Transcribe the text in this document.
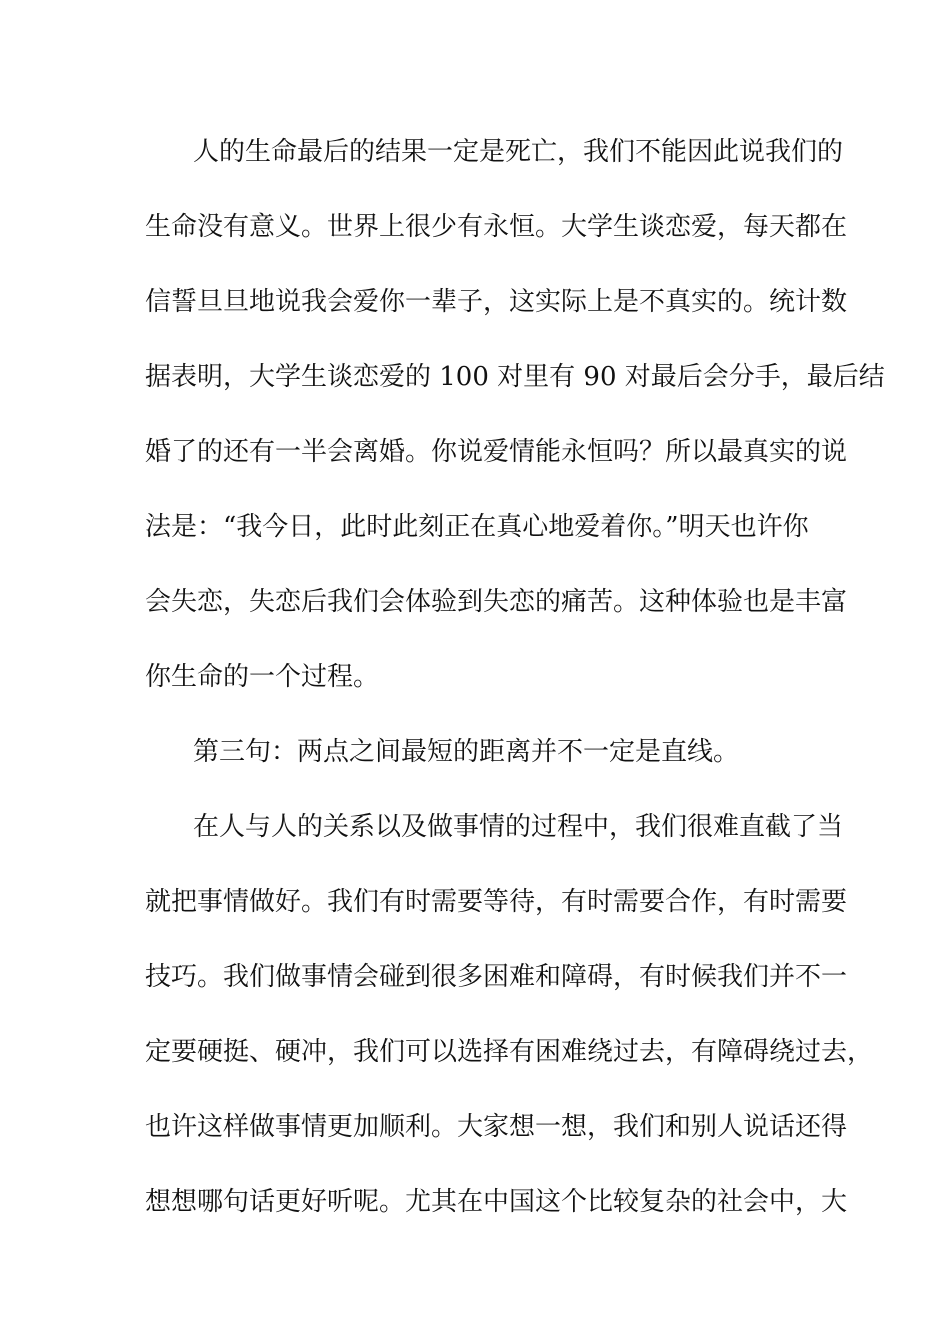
人的生命最后的结果一定是死亡，我们不能因此说我们的
生命没有意义。世界上很少有永恒。大学生谈恋爱，每天都在
信誓旦旦地说我会爱你一辈子，这实际上是不真实的。统计数
据表明，大学生谈恋爱的 100 对里有 90 对最后会分手，最后结
婚了的还有一半会离婚。你说爱情能永恒吗？所以最真实的说
法是：“我今日，此时此刻正在真心地爱着你。”明天也许你
会失恋，失恋后我们会体验到失恋的痛苦。这种体验也是丰富
你生命的一个过程。
第三句：两点之间最短的距离并不一定是直线。
在人与人的关系以及做事情的过程中，我们很难直截了当
就把事情做好。我们有时需要等待，有时需要合作，有时需要
技巧。我们做事情会碰到很多困难和障碍，有时候我们并不一
定要硬挺、硬冲，我们可以选择有困难绕过去，有障碍绕过去，
也许这样做事情更加顺利。大家想一想，我们和别人说话还得
想想哪句话更好听呢。尤其在中国这个比较复杂的社会中，大
